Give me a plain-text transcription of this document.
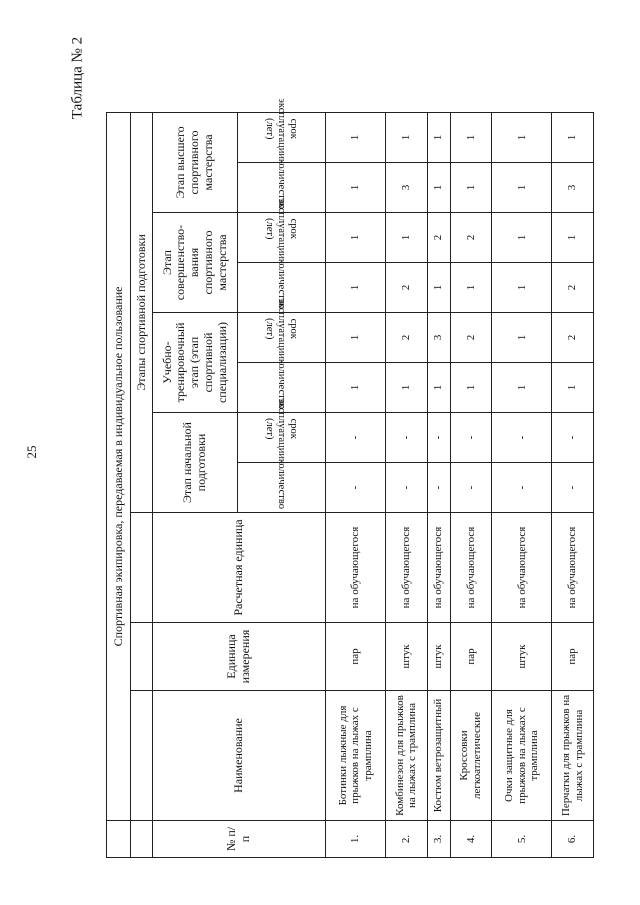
25
Таблица № 2
	Спортивная экипировка, передаваемая в индивидуальное пользование										
				Этапы спортивной подготовки							
№ п/п	Наименование	Единица измерения	Расчетная единица	Этап начальной подготовки		Учебно-тренировочный этап (этап спортивной специализации)		Этап совершенство-вания спортивного мастерства		Этап высшего спортивного мастерства	
				количество	срок эксплуатации (лет)	количество	срок эксплуатации (лет)	количество	срок эксплуатации (лет)	количество	срок эксплуатации (лет)
1.	Ботинки лыжные для прыжков на лыжах с трамплина	пар	на обучающегося	-	-	1	1	1	1	1	1
2.	Комбинезон для прыжков на лыжах с трамплина	штук	на обучающегося	-	-	1	2	2	1	3	1
3.	Костюм ветрозащитный	штук	на обучающегося	-	-	1	3	1	2	1	1
4.	Кроссовки легкоатлетические	пар	на обучающегося	-	-	1	2	1	2	1	1
5.	Очки защитные для прыжков на лыжах с трамплина	штук	на обучающегося	-	-	1	1	1	1	1	1
6.	Перчатки для прыжков на лыжах с трамплина	пар	на обучающегося	-	-	1	2	2	1	3	1
